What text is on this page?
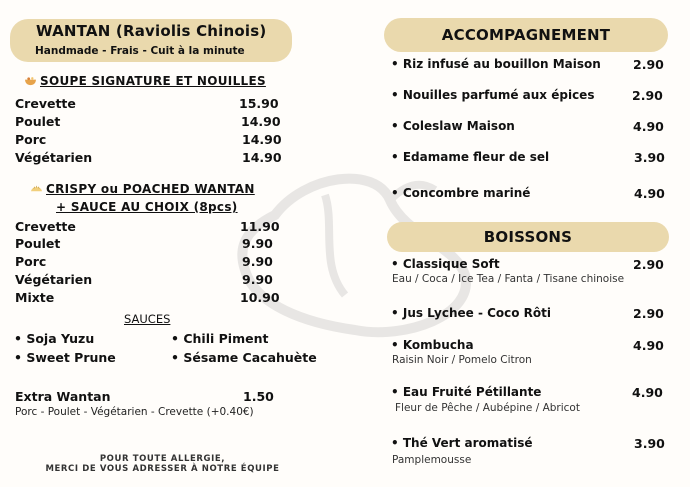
WANTAN (Raviolis Chinois)
Handmade - Frais - Cuit à la minute
SOUPE SIGNATURE ET NOUILLES
Crevette	15.90
Poulet	14.90
Porc	14.90
Végétarien	14.90
CRISPY ou POACHED WANTAN
+ SAUCE AU CHOIX (8pcs)
Crevette	11.90
Poulet	9.90
Porc	9.90
Végétarien	9.90
Mixte	10.90
SAUCES
• Soja Yuzu	• Chili Piment
• Sweet Prune	• Sésame Cacahuète
Extra Wantan	1.50
Porc - Poulet - Végétarien - Crevette (+0.40€)
POUR TOUTE ALLERGIE,
MERCI DE VOUS ADRESSER À NOTRE ÉQUIPE
ACCOMPAGNEMENT
• Riz infusé au bouillon Maison	2.90
• Nouilles parfumé aux épices	2.90
• Coleslaw Maison	4.90
• Edamame fleur de sel	3.90
• Concombre mariné	4.90
BOISSONS
• Classique Soft	2.90
Eau / Coca / Ice Tea / Fanta / Tisane chinoise
• Jus Lychee - Coco Rôti	2.90
• Kombucha	4.90
Raisin Noir / Pomelo Citron
• Eau Fruité Pétillante	4.90
Fleur de Pêche / Aubépine / Abricot
• Thé Vert aromatisé	3.90
Pamplemousse
